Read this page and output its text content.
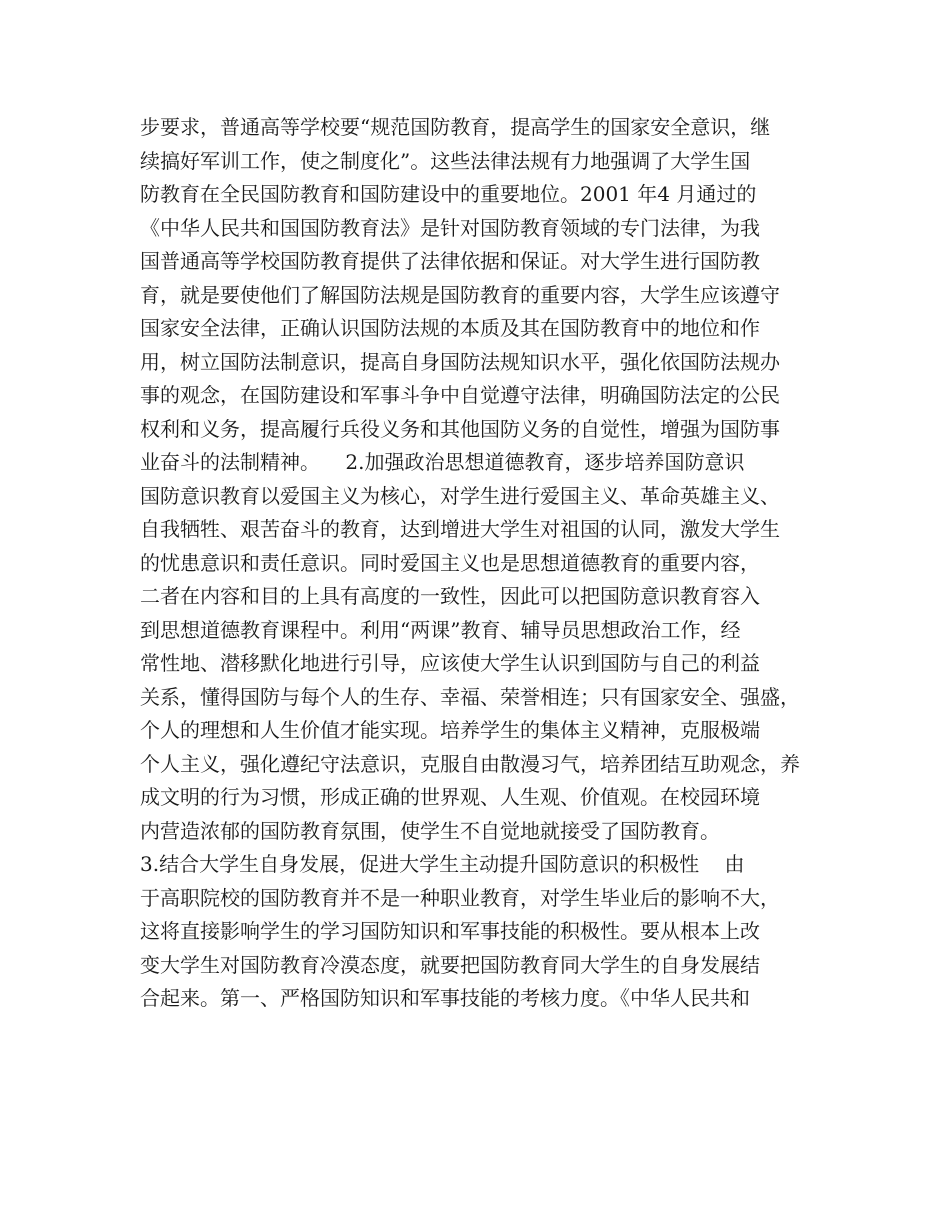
步要求，普通高等学校要“规范国防教育，提高学生的国家安全意识，继
续搞好军训工作，使之制度化”。这些法律法规有力地强调了大学生国
防教育在全民国防教育和国防建设中的重要地位。2001 年4 月通过的
《中华人民共和国国防教育法》是针对国防教育领域的专门法律，为我
国普通高等学校国防教育提供了法律依据和保证。对大学生进行国防教
育，就是要使他们了解国防法规是国防教育的重要内容，大学生应该遵守
国家安全法律，正确认识国防法规的本质及其在国防教育中的地位和作
用，树立国防法制意识，提高自身国防法规知识水平，强化依国防法规办
事的观念，在国防建设和军事斗争中自觉遵守法律，明确国防法定的公民
权利和义务，提高履行兵役义务和其他国防义务的自觉性，增强为国防事
业奋斗的法制精神。    2.加强政治思想道德教育，逐步培养国防意识
国防意识教育以爱国主义为核心，对学生进行爱国主义、革命英雄主义、
自我牺牲、艰苦奋斗的教育，达到增进大学生对祖国的认同，激发大学生
的忧患意识和责任意识。同时爱国主义也是思想道德教育的重要内容，
二者在内容和目的上具有高度的一致性，因此可以把国防意识教育容入
到思想道德教育课程中。利用“两课”教育、辅导员思想政治工作，经
常性地、潜移默化地进行引导，应该使大学生认识到国防与自己的利益
关系，懂得国防与每个人的生存、幸福、荣誉相连；只有国家安全、强盛，
个人的理想和人生价值才能实现。培养学生的集体主义精神，克服极端
个人主义，强化遵纪守法意识，克服自由散漫习气，培养团结互助观念，养
成文明的行为习惯，形成正确的世界观、人生观、价值观。在校园环境
内营造浓郁的国防教育氛围，使学生不自觉地就接受了国防教育。
3.结合大学生自身发展，促进大学生主动提升国防意识的积极性    由
于高职院校的国防教育并不是一种职业教育，对学生毕业后的影响不大，
这将直接影响学生的学习国防知识和军事技能的积极性。要从根本上改
变大学生对国防教育冷漠态度，就要把国防教育同大学生的自身发展结
合起来。第一、严格国防知识和军事技能的考核力度。《中华人民共和
